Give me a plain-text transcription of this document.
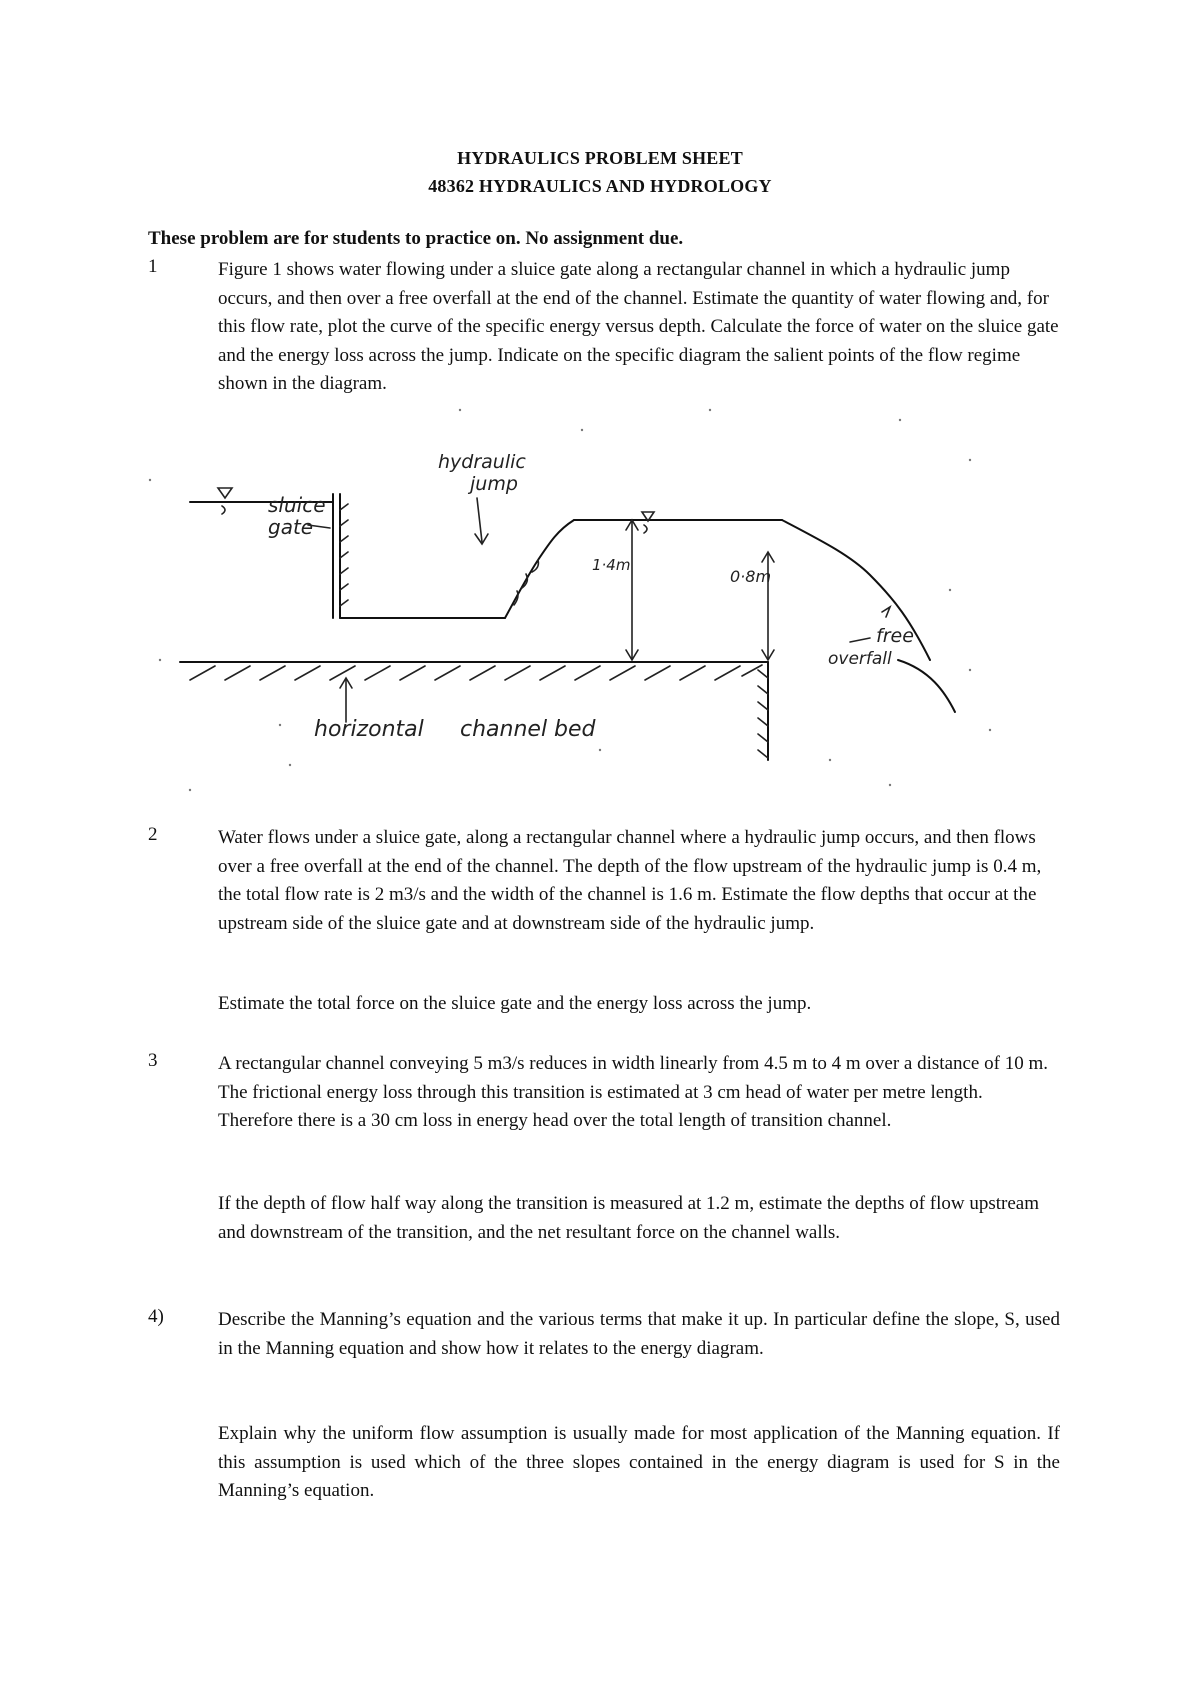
HYDRAULICS PROBLEM SHEET
48362 HYDRAULICS AND HYDROLOGY
These problem are for students to practice on. No assignment due.
1	Figure 1 shows water flowing under a sluice gate along a rectangular channel in which a hydraulic jump occurs, and then over a free overfall at the end of the channel. Estimate the quantity of water flowing and, for this flow rate, plot the curve of the specific energy versus depth. Calculate the force of water on the sluice gate and the energy loss across the jump. Indicate on the specific diagram the salient points of the flow regime shown in the diagram.
sluice
gate
hydraulic
jump
1·4m
0·8m
horizontal channel bed
free
overfall
2	Water flows under a sluice gate, along a rectangular channel where a hydraulic jump occurs, and then flows over a free overfall at the end of the channel. The depth of the flow upstream of the hydraulic jump is 0.4 m, the total flow rate is 2 m3/s and the width of the channel is 1.6 m. Estimate the flow depths that occur at the upstream side of the sluice gate and at downstream side of the hydraulic jump.
Estimate the total force on the sluice gate and the energy loss across the jump.
3	A rectangular channel conveying 5 m3/s reduces in width linearly from 4.5 m to 4 m over a distance of 10 m. The frictional energy loss through this transition is estimated at 3 cm head of water per metre length. Therefore there is a 30 cm loss in energy head over the total length of transition channel.
If the depth of flow half way along the transition is measured at 1.2 m, estimate the depths of flow upstream and downstream of the transition, and the net resultant force on the channel walls.
4)	Describe the Manning’s equation and the various terms that make it up. In particular define the slope, S, used in the Manning equation and show how it relates to the energy diagram.
Explain why the uniform flow assumption is usually made for most application of the Manning equation. If this assumption is used which of the three slopes contained in the energy diagram is used for S in the Manning’s equation.
